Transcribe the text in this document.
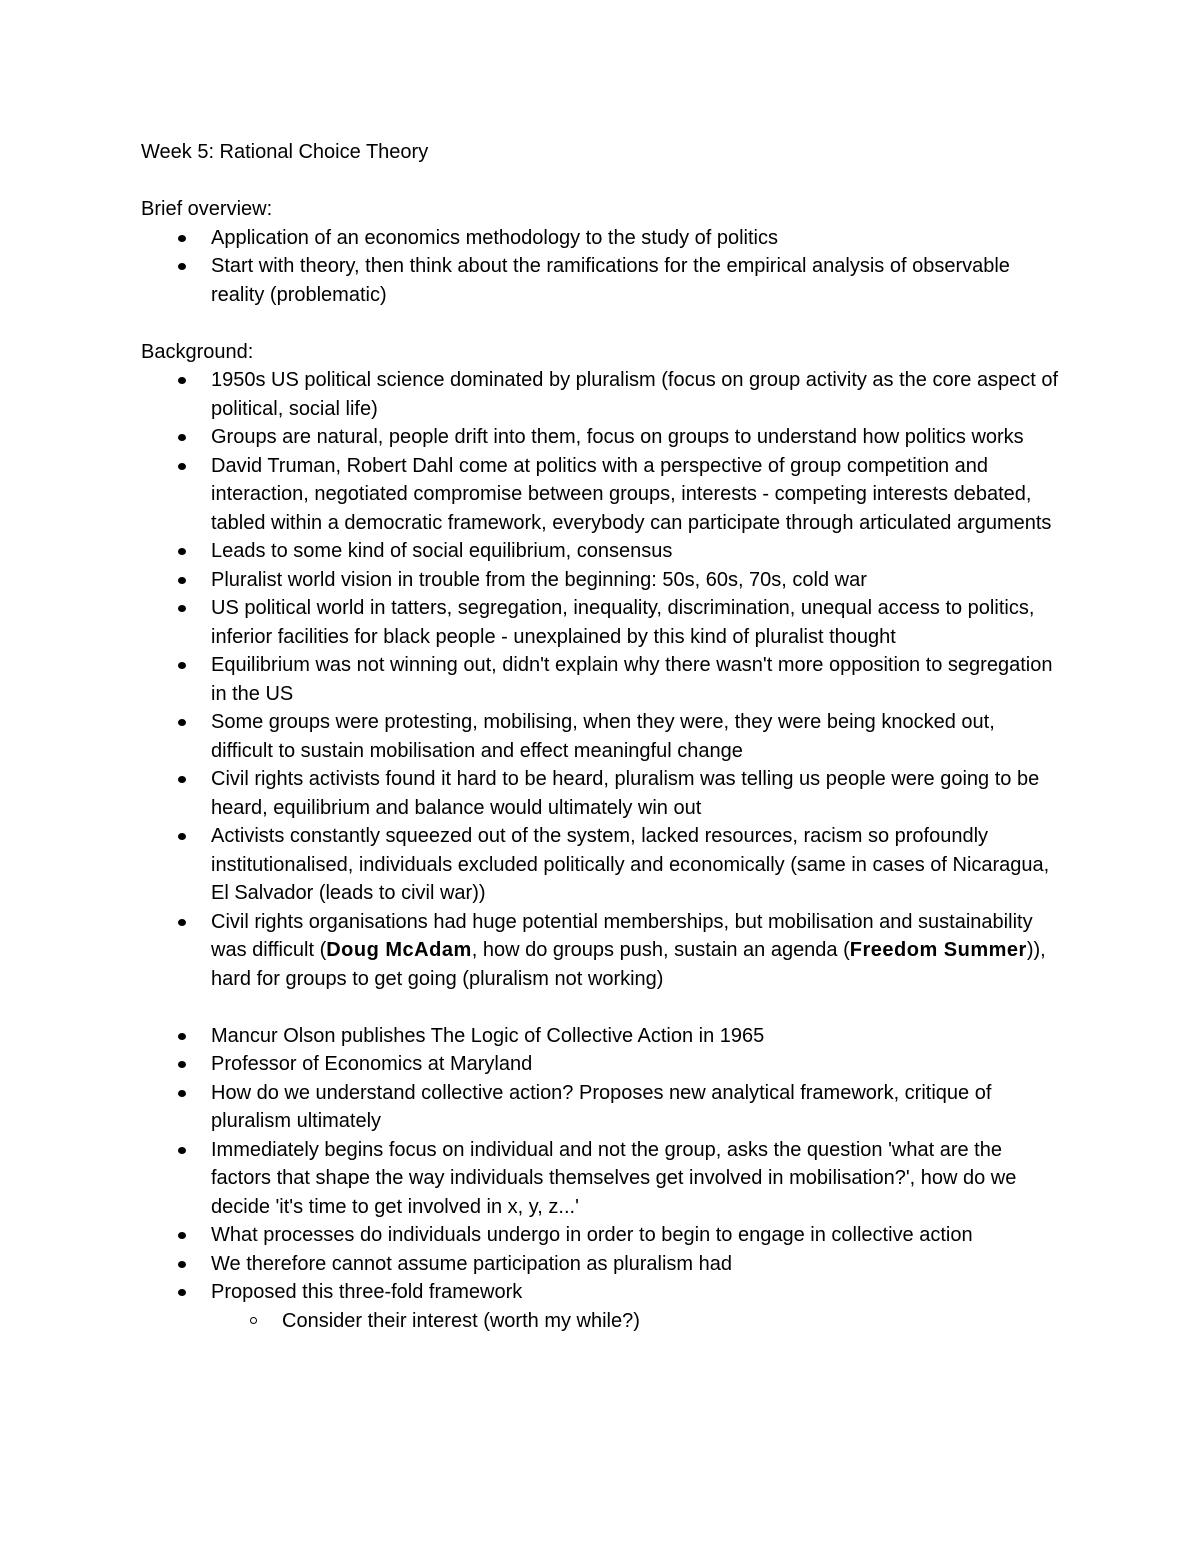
Week 5: Rational Choice Theory

Brief overview:

Application of an economics methodology to the study of politics
Start with theory, then think about the ramifications for the empirical analysis of observable reality (problematic)

Background:

1950s US political science dominated by pluralism (focus on group activity as the core aspect of political, social life)
Groups are natural, people drift into them, focus on groups to understand how politics works
David Truman, Robert Dahl come at politics with a perspective of group competition and interaction, negotiated compromise between groups, interests - competing interests debated, tabled within a democratic framework, everybody can participate through articulated arguments
Leads to some kind of social equilibrium, consensus
Pluralist world vision in trouble from the beginning: 50s, 60s, 70s, cold war
US political world in tatters, segregation, inequality, discrimination, unequal access to politics, inferior facilities for black people - unexplained by this kind of pluralist thought
Equilibrium was not winning out, didn't explain why there wasn't more opposition to segregation in the US
Some groups were protesting, mobilising, when they were, they were being knocked out, difficult to sustain mobilisation and effect meaningful change
Civil rights activists found it hard to be heard, pluralism was telling us people were going to be heard, equilibrium and balance would ultimately win out
Activists constantly squeezed out of the system, lacked resources, racism so profoundly institutionalised, individuals excluded politically and economically (same in cases of Nicaragua, El Salvador (leads to civil war))
Civil rights organisations had huge potential memberships, but mobilisation and sustainability was difficult (Doug McAdam, how do groups push, sustain an agenda (Freedom Summer)), hard for groups to get going (pluralism not working)
Mancur Olson publishes The Logic of Collective Action in 1965
Professor of Economics at Maryland
How do we understand collective action? Proposes new analytical framework, critique of pluralism ultimately
Immediately begins focus on individual and not the group, asks the question 'what are the factors that shape the way individuals themselves get involved in mobilisation?', how do we decide 'it's time to get involved in x, y, z...'
What processes do individuals undergo in order to begin to engage in collective action
We therefore cannot assume participation as pluralism had
Proposed this three-fold framework
Consider their interest (worth my while?)
